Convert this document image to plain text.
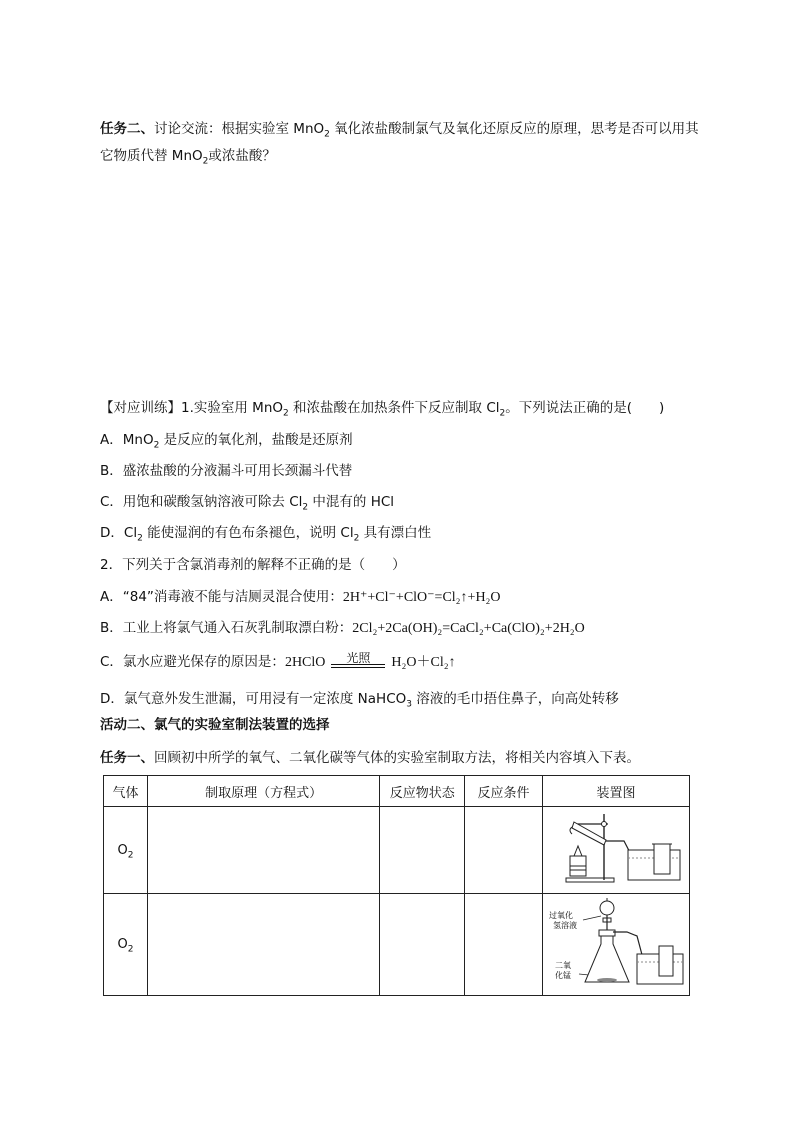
任务二、讨论交流：根据实验室 MnO$_2$ 氧化浓盐酸制氯气及氧化还原反应的原理，思考是否可以用其
它物质代替 MnO$_2$或浓盐酸？
【对应训练】1.实验室用 MnO$_2$ 和浓盐酸在加热条件下反应制取 $Cl_2$。下列说法正确的是(　　)
A．MnO$_2$ 是反应的氧化剂，盐酸是还原剂
B．盛浓盐酸的分液漏斗可用长颈漏斗代替
C．用饱和碳酸氢钠溶液可除去 $Cl_2$ 中混有的 HCl
D．$Cl_2$ 能使湿润的有色布条褪色，说明 $Cl_2$ 具有漂白性
2．下列关于含氯消毒剂的解释不正确的是（　　）
A．“84”消毒液不能与洁厕灵混合使用：2H⁺+Cl⁻+ClO⁻=Cl₂↑+H₂O
B．工业上将氯气通入石灰乳制取漂白粉：2Cl₂+2Ca(OH)₂=CaCl₂+Ca(ClO)₂+2H₂O
C．氯水应避光保存的原因是：2HClO	光照	H₂O＋Cl₂↑
D．氯气意外发生泄漏，可用浸有一定浓度 NaHCO$_3$ 溶液的毛巾捂住鼻子，向高处转移
活动二、氯气的实验室制法装置的选择
任务一、回顾初中所学的氧气、二氧化碳等气体的实验室制取方法，将相关内容填入下表。
气体	制取原理（方程式）	反应物状态	反应条件	装置图
$O_2$				
$O_2$				过氧化
氢溶液
二氧
化锰
